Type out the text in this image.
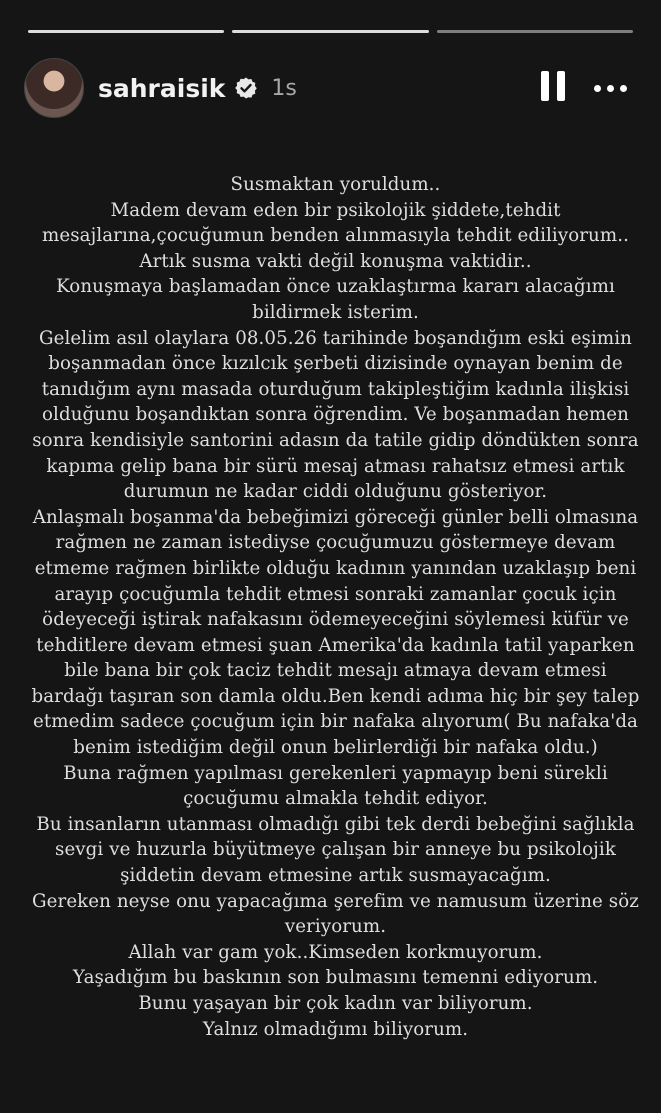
sahraisik 1s
Susmaktan yoruldum..
Madem devam eden bir psikolojik şiddete,tehdit
mesajlarına,çocuğumun benden alınmasıyla tehdit ediliyorum..
Artık susma vakti değil konuşma vaktidir..
Konuşmaya başlamadan önce uzaklaştırma kararı alacağımı
bildirmek isterim.
Gelelim asıl olaylara 08.05.26 tarihinde boşandığım eski eşimin
boşanmadan önce kızılcık şerbeti dizisinde oynayan benim de
tanıdığım aynı masada oturduğum takipleştiğim kadınla ilişkisi
olduğunu boşandıktan sonra öğrendim. Ve boşanmadan hemen
sonra kendisiyle santorini adasın da tatile gidip döndükten sonra
kapıma gelip bana bir sürü mesaj atması rahatsız etmesi artık
durumun ne kadar ciddi olduğunu gösteriyor.
Anlaşmalı boşanma'da bebeğimizi göreceği günler belli olmasına
rağmen ne zaman istediyse çocuğumuzu göstermeye devam
etmeme rağmen birlikte olduğu kadının yanından uzaklaşıp beni
arayıp çocuğumla tehdit etmesi sonraki zamanlar çocuk için
ödeyeceği iştirak nafakasını ödemeyeceğini söylemesi küfür ve
tehditlere devam etmesi şuan Amerika'da kadınla tatil yaparken
bile bana bir çok taciz tehdit mesajı atmaya devam etmesi
bardağı taşıran son damla oldu.Ben kendi adıma hiç bir şey talep
etmedim sadece çocuğum için bir nafaka alıyorum( Bu nafaka'da
benim istediğim değil onun belirlerdiği bir nafaka oldu.)
Buna rağmen yapılması gerekenleri yapmayıp beni sürekli
çocuğumu almakla tehdit ediyor.
Bu insanların utanması olmadığı gibi tek derdi bebeğini sağlıkla
sevgi ve huzurla büyütmeye çalışan bir anneye bu psikolojik
şiddetin devam etmesine artık susmayacağım.
Gereken neyse onu yapacağıma şerefim ve namusum üzerine söz
veriyorum.
Allah var gam yok..Kimseden korkmuyorum.
Yaşadığım bu baskının son bulmasını temenni ediyorum.
Bunu yaşayan bir çok kadın var biliyorum.
Yalnız olmadığımı biliyorum.
